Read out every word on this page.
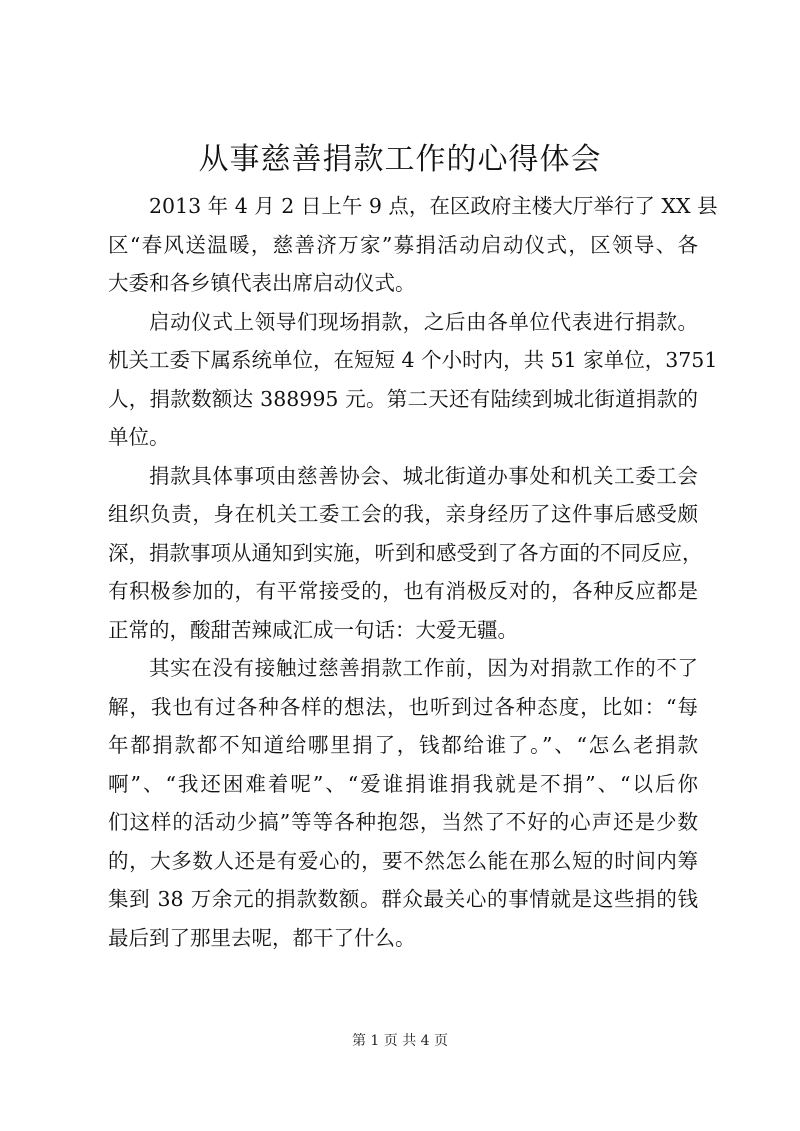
从事慈善捐款工作的心得体会
2013 年 4 月 2 日上午 9 点，在区政府主楼大厅举行了 XX 县
区“春风送温暖，慈善济万家”募捐活动启动仪式，区领导、各
大委和各乡镇代表出席启动仪式。
启动仪式上领导们现场捐款，之后由各单位代表进行捐款。
机关工委下属系统单位，在短短 4 个小时内，共 51 家单位，3751
人，捐款数额达 388995 元。第二天还有陆续到城北街道捐款的
单位。
捐款具体事项由慈善协会、城北街道办事处和机关工委工会
组织负责，身在机关工委工会的我，亲身经历了这件事后感受颇
深，捐款事项从通知到实施，听到和感受到了各方面的不同反应，
有积极参加的，有平常接受的，也有消极反对的，各种反应都是
正常的，酸甜苦辣咸汇成一句话：大爱无疆。
其实在没有接触过慈善捐款工作前，因为对捐款工作的不了
解，我也有过各种各样的想法，也听到过各种态度，比如：“每
年都捐款都不知道给哪里捐了，钱都给谁了。”、“怎么老捐款
啊”、“我还困难着呢”、“爱谁捐谁捐我就是不捐”、“以后你
们这样的活动少搞”等等各种抱怨，当然了不好的心声还是少数
的，大多数人还是有爱心的，要不然怎么能在那么短的时间内筹
集到 38 万余元的捐款数额。群众最关心的事情就是这些捐的钱
最后到了那里去呢，都干了什么。
第 1 页 共 4 页
